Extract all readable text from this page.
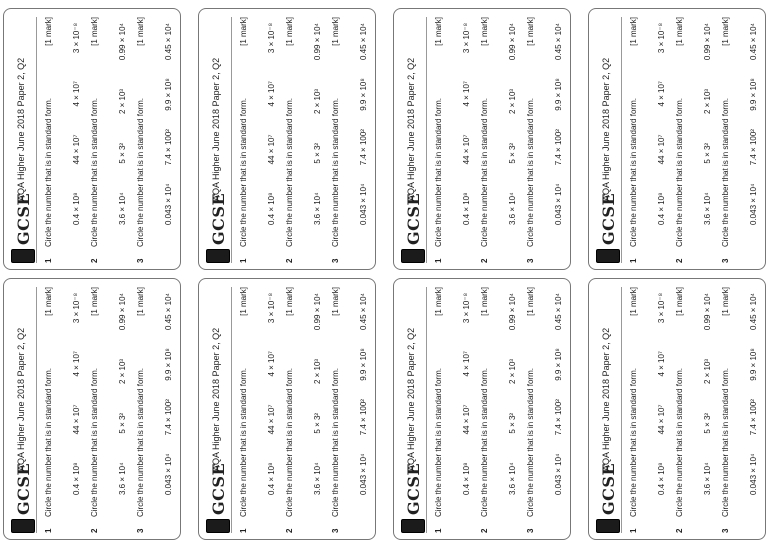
GCSE
AQA Higher June 2018 Paper 2, Q2
1
Circle the number that is in standard form.
[1 mark]
0.4 × 10⁸
44 × 10⁷
4 × 10⁷
3 × 10⁻⁸
2
Circle the number that is in standard form.
[1 mark]
3.6 × 10⁴
5 × 3²
2 × 10³
0.99 × 10⁴
3
Circle the number that is in standard form.
[1 mark]
0.043 × 10⁴
7.4 × 100²
9.9 × 10⁸
0.45 × 10⁴
GCSE
AQA Higher June 2018 Paper 2, Q2
1
Circle the number that is in standard form.
[1 mark]
0.4 × 10⁸
44 × 10⁷
4 × 10⁷
3 × 10⁻⁸
2
Circle the number that is in standard form.
[1 mark]
3.6 × 10⁴
5 × 3²
2 × 10³
0.99 × 10⁴
3
Circle the number that is in standard form.
[1 mark]
0.043 × 10⁴
7.4 × 100²
9.9 × 10⁸
0.45 × 10⁴
GCSE
AQA Higher June 2018 Paper 2, Q2
1
Circle the number that is in standard form.
[1 mark]
0.4 × 10⁸
44 × 10⁷
4 × 10⁷
3 × 10⁻⁸
2
Circle the number that is in standard form.
[1 mark]
3.6 × 10⁴
5 × 3²
2 × 10³
0.99 × 10⁴
3
Circle the number that is in standard form.
[1 mark]
0.043 × 10⁴
7.4 × 100²
9.9 × 10⁸
0.45 × 10⁴
GCSE
AQA Higher June 2018 Paper 2, Q2
1
Circle the number that is in standard form.
[1 mark]
0.4 × 10⁸
44 × 10⁷
4 × 10⁷
3 × 10⁻⁸
2
Circle the number that is in standard form.
[1 mark]
3.6 × 10⁴
5 × 3²
2 × 10³
0.99 × 10⁴
3
Circle the number that is in standard form.
[1 mark]
0.043 × 10⁴
7.4 × 100²
9.9 × 10⁸
0.45 × 10⁴
GCSE
AQA Higher June 2018 Paper 2, Q2
1
Circle the number that is in standard form.
[1 mark]
0.4 × 10⁸
44 × 10⁷
4 × 10⁷
3 × 10⁻⁸
2
Circle the number that is in standard form.
[1 mark]
3.6 × 10⁴
5 × 3²
2 × 10³
0.99 × 10⁴
3
Circle the number that is in standard form.
[1 mark]
0.043 × 10⁴
7.4 × 100²
9.9 × 10⁸
0.45 × 10⁴
GCSE
AQA Higher June 2018 Paper 2, Q2
1
Circle the number that is in standard form.
[1 mark]
0.4 × 10⁸
44 × 10⁷
4 × 10⁷
3 × 10⁻⁸
2
Circle the number that is in standard form.
[1 mark]
3.6 × 10⁴
5 × 3²
2 × 10³
0.99 × 10⁴
3
Circle the number that is in standard form.
[1 mark]
0.043 × 10⁴
7.4 × 100²
9.9 × 10⁸
0.45 × 10⁴
GCSE
AQA Higher June 2018 Paper 2, Q2
1
Circle the number that is in standard form.
[1 mark]
0.4 × 10⁸
44 × 10⁷
4 × 10⁷
3 × 10⁻⁸
2
Circle the number that is in standard form.
[1 mark]
3.6 × 10⁴
5 × 3²
2 × 10³
0.99 × 10⁴
3
Circle the number that is in standard form.
[1 mark]
0.043 × 10⁴
7.4 × 100²
9.9 × 10⁸
0.45 × 10⁴
GCSE
AQA Higher June 2018 Paper 2, Q2
1
Circle the number that is in standard form.
[1 mark]
0.4 × 10⁸
44 × 10⁷
4 × 10⁷
3 × 10⁻⁸
2
Circle the number that is in standard form.
[1 mark]
3.6 × 10⁴
5 × 3²
2 × 10³
0.99 × 10⁴
3
Circle the number that is in standard form.
[1 mark]
0.043 × 10⁴
7.4 × 100²
9.9 × 10⁸
0.45 × 10⁴
